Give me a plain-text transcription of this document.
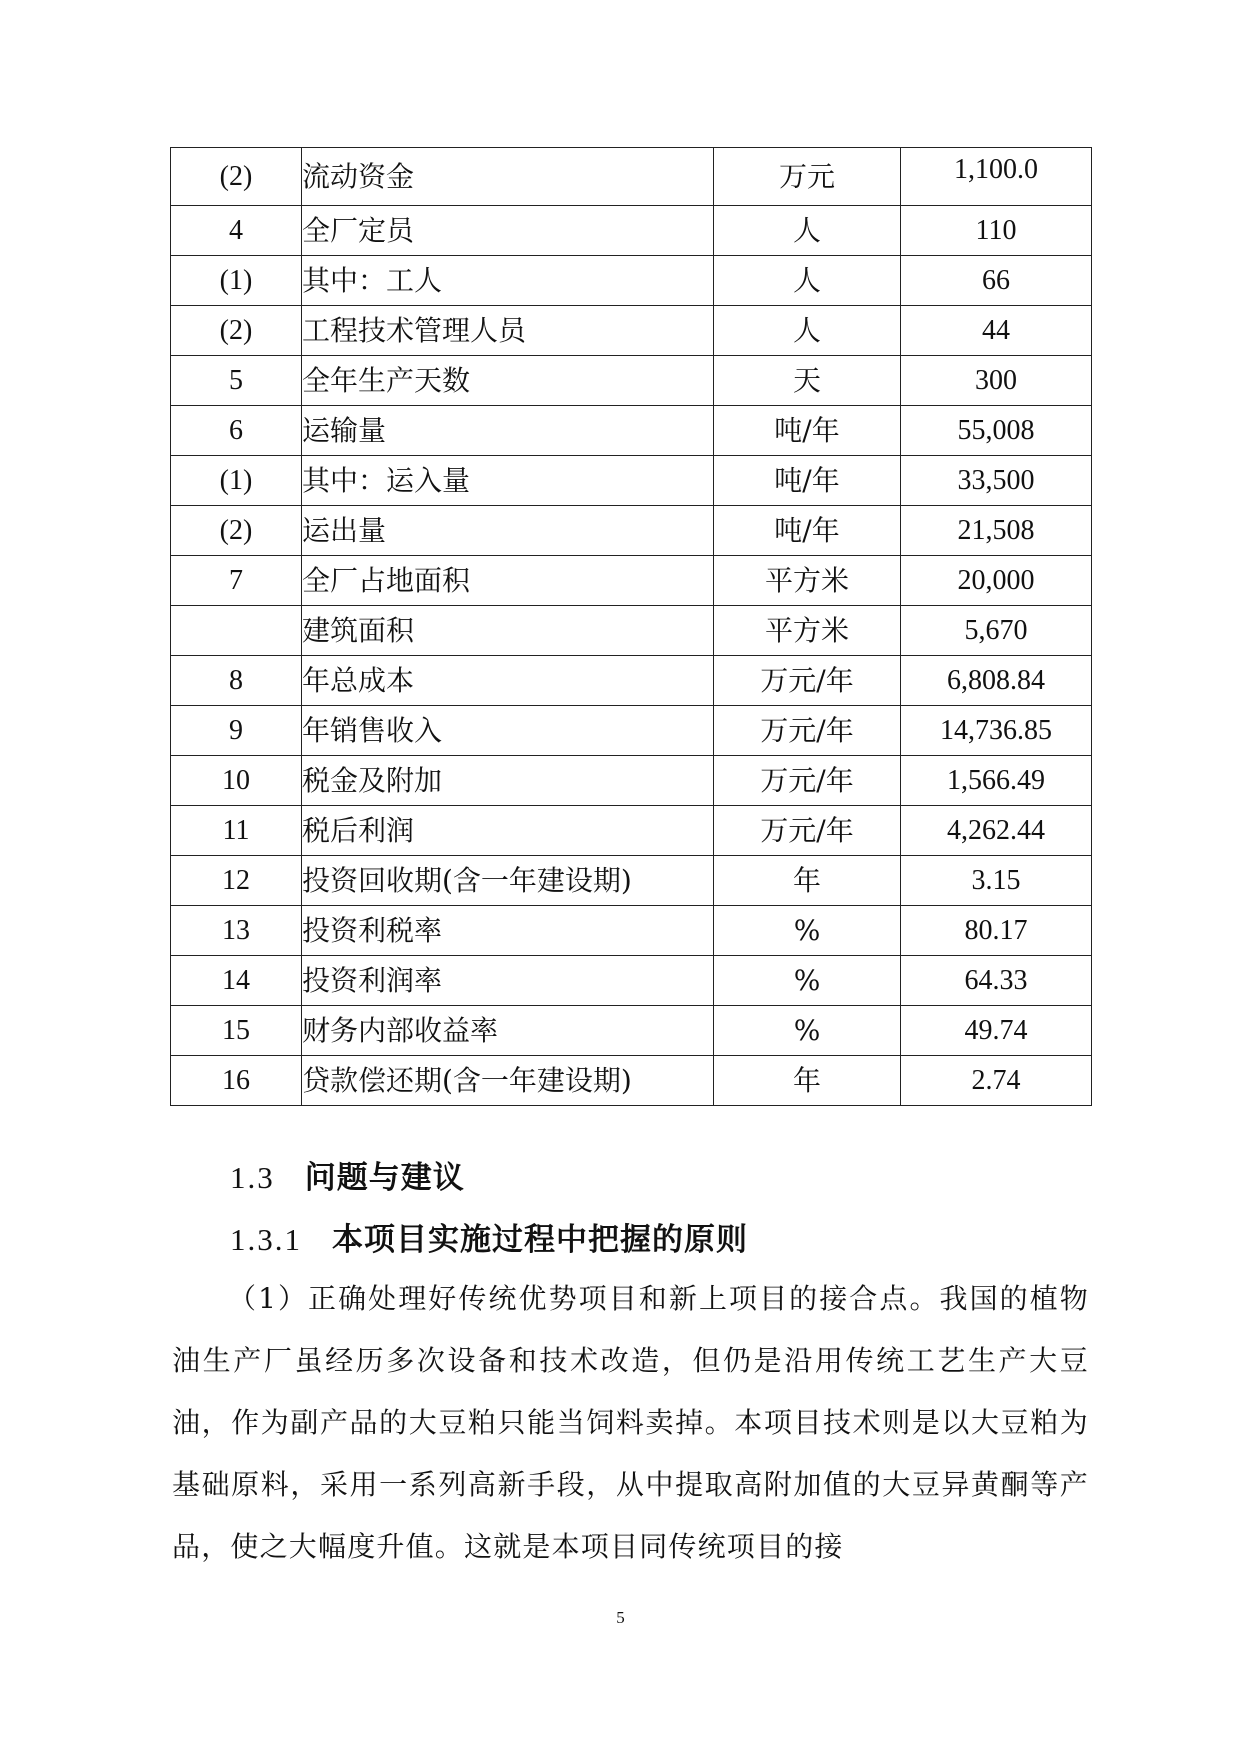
(2)	流动资金	万元	1,100.0
4	全厂定员	人	110
(1)	其中：工人	人	66
(2)	工程技术管理人员	人	44
5	全年生产天数	天	300
6	运输量	吨/年	55,008
(1)	其中：运入量	吨/年	33,500
(2)	运出量	吨/年	21,508
7	全厂占地面积	平方米	20,000
	建筑面积	平方米	5,670
8	年总成本	万元/年	6,808.84
9	年销售收入	万元/年	14,736.85
10	税金及附加	万元/年	1,566.49
11	税后利润	万元/年	4,262.44
12	投资回收期(含一年建设期)	年	3.15
13	投资利税率	%	80.17
14	投资利润率	%	64.33
15	财务内部收益率	%	49.74
16	贷款偿还期(含一年建设期)	年	2.74
1.3 问题与建议
1.3.1 本项目实施过程中把握的原则

（1）正确处理好传统优势项目和新上项目的接合点。我国的植物油生产厂虽经历多次设备和技术改造，但仍是沿用传统工艺生产大豆油，作为副产品的大豆粕只能当饲料卖掉。本项目技术则是以大豆粕为基础原料，采用一系列高新手段，从中提取高附加值的大豆异黄酮等产品，使之大幅度升值。这就是本项目同传统项目的接

5
